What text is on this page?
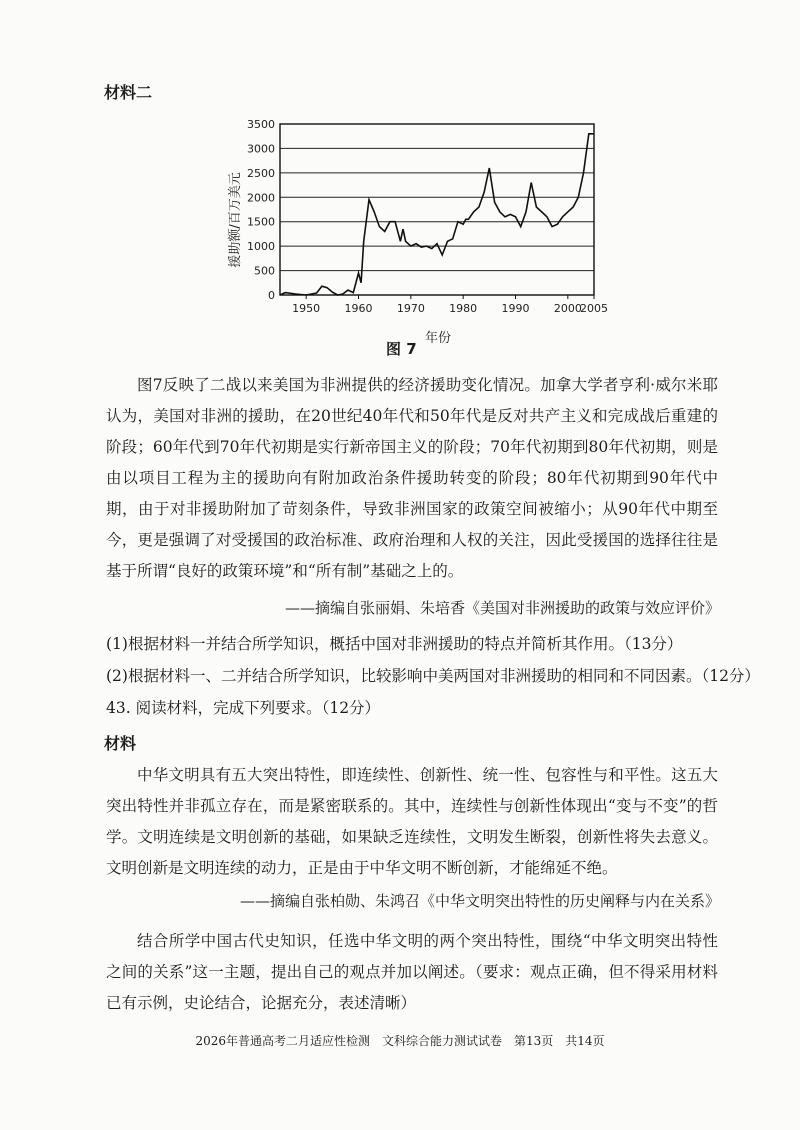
材料二
0
500
1000
1500
2000
2500
3000
3500
1950 1960 1970 1980 1990 2000
2005
援助额/百万美元
年份
图 7
图7反映了二战以来美国为非洲提供的经济援助变化情况。加拿大学者亨利·威尔米耶认为，美国对非洲的援助，在20世纪40年代和50年代是反对共产主义和完成战后重建的阶段；60年代到70年代初期是实行新帝国主义的阶段；70年代初期到80年代初期，则是由以项目工程为主的援助向有附加政治条件援助转变的阶段；80年代初期到90年代中期，由于对非援助附加了苛刻条件，导致非洲国家的政策空间被缩小；从90年代中期至今，更是强调了对受援国的政治标准、政府治理和人权的关注，因此受援国的选择往往是基于所谓“良好的政策环境”和“所有制”基础之上的。
——摘编自张丽娟、朱培香《美国对非洲援助的政策与效应评价》
(1)根据材料一并结合所学知识，概括中国对非洲援助的特点并简析其作用。（13分）
(2)根据材料一、二并结合所学知识，比较影响中美两国对非洲援助的相同和不同因素。（12分）
43. 阅读材料，完成下列要求。（12分）
材料
中华文明具有五大突出特性，即连续性、创新性、统一性、包容性与和平性。这五大突出特性并非孤立存在，而是紧密联系的。其中，连续性与创新性体现出“变与不变”的哲学。文明连续是文明创新的基础，如果缺乏连续性，文明发生断裂，创新性将失去意义。文明创新是文明连续的动力，正是由于中华文明不断创新，才能绵延不绝。
——摘编自张柏勋、朱鸿召《中华文明突出特性的历史阐释与内在关系》
结合所学中国古代史知识，任选中华文明的两个突出特性，围绕“中华文明突出特性之间的关系”这一主题，提出自己的观点并加以阐述。（要求：观点正确，但不得采用材料已有示例，史论结合，论据充分，表述清晰）
2026年普通高考二月适应性检测　文科综合能力测试试卷　第13页　共14页
